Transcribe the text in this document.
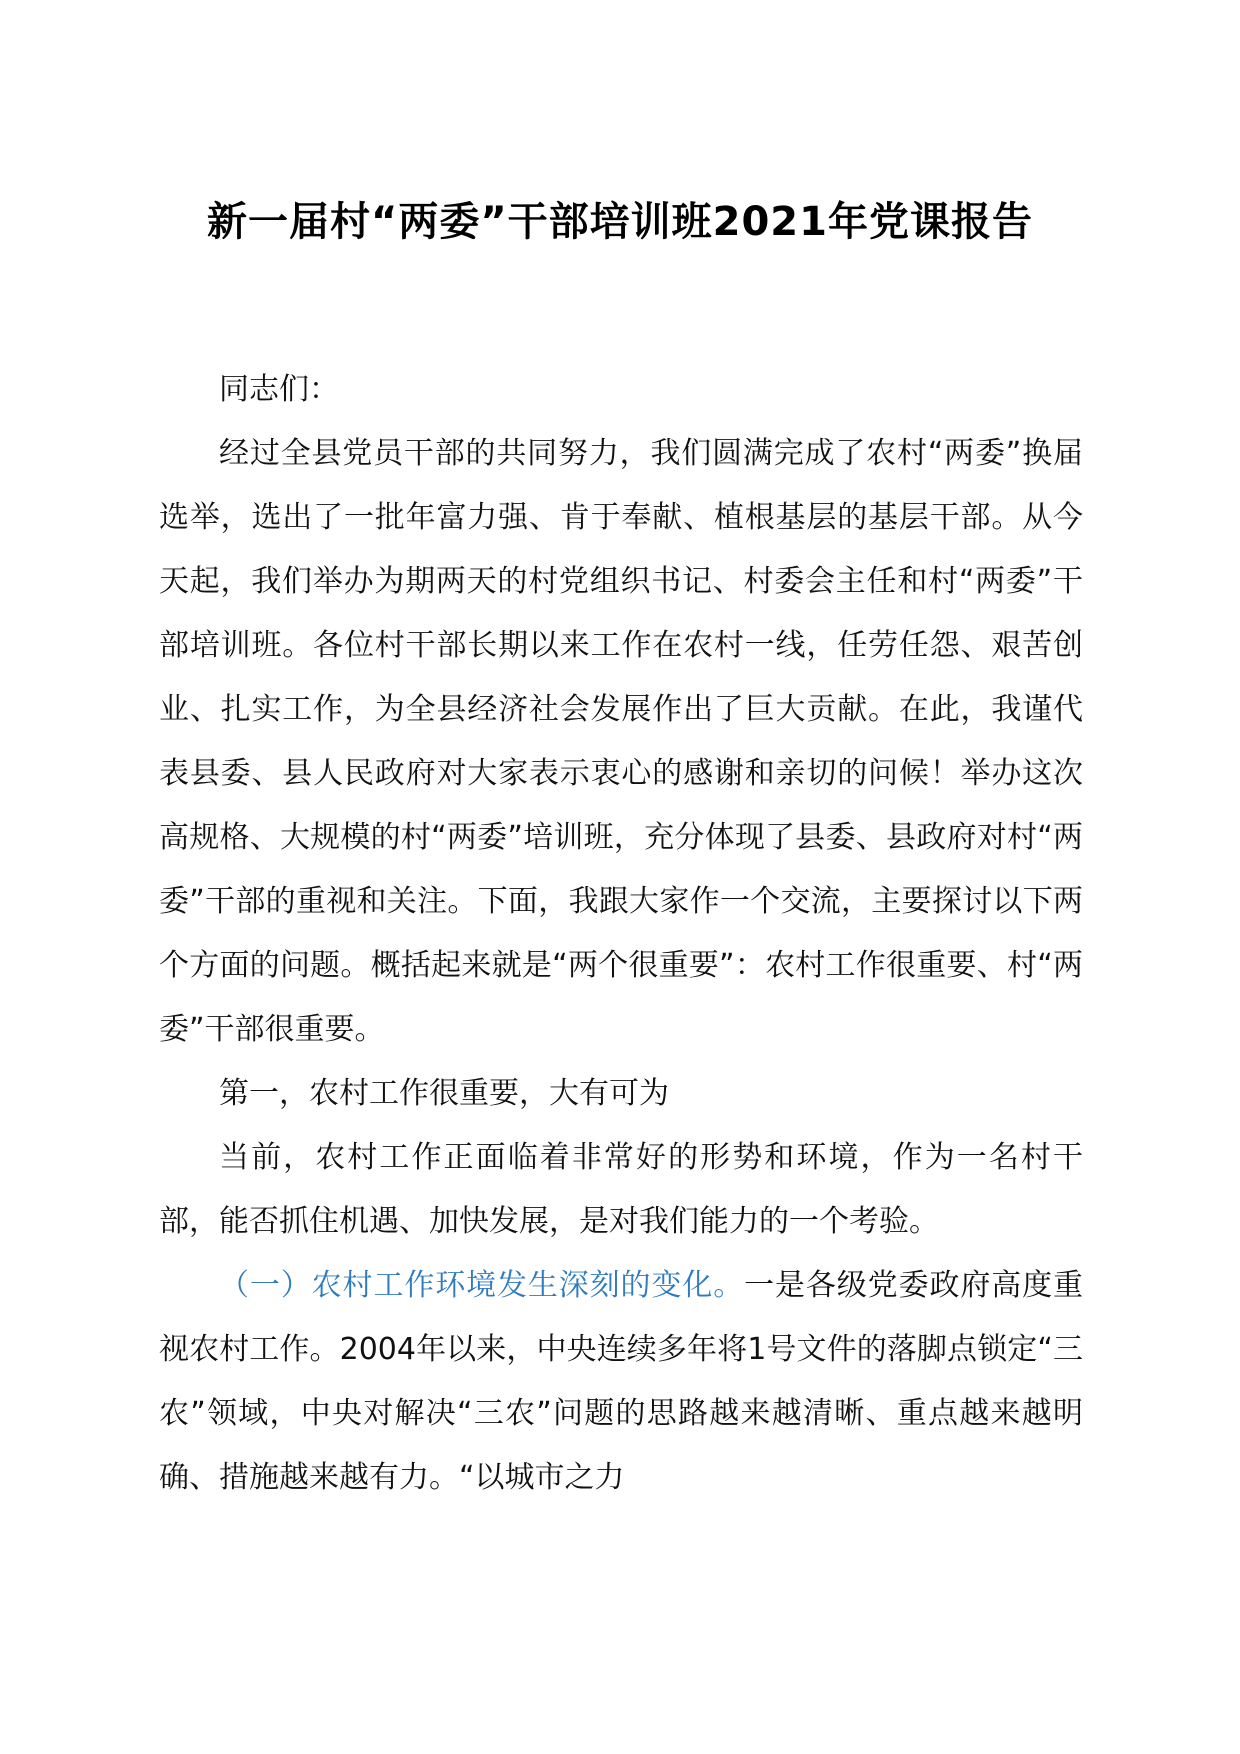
新一届村“两委”干部培训班2021年党课报告

同志们：

经过全县党员干部的共同努力，我们圆满完成了农村“两委”换届选举，选出了一批年富力强、肯于奉献、植根基层的基层干部。从今天起，我们举办为期两天的村党组织书记、村委会主任和村“两委”干部培训班。各位村干部长期以来工作在农村一线，任劳任怨、艰苦创业、扎实工作，为全县经济社会发展作出了巨大贡献。在此，我谨代表县委、县人民政府对大家表示衷心的感谢和亲切的问候！举办这次高规格、大规模的村“两委”培训班，充分体现了县委、县政府对村“两委”干部的重视和关注。下面，我跟大家作一个交流，主要探讨以下两个方面的问题。概括起来就是“两个很重要”：农村工作很重要、村“两委”干部很重要。

第一，农村工作很重要，大有可为

当前，农村工作正面临着非常好的形势和环境，作为一名村干部，能否抓住机遇、加快发展，是对我们能力的一个考验。

（一）农村工作环境发生深刻的变化。一是各级党委政府高度重视农村工作。2004年以来，中央连续多年将1号文件的落脚点锁定“三农”领域，中央对解决“三农”问题的思路越来越清晰、重点越来越明确、措施越来越有力。“以城市之力
